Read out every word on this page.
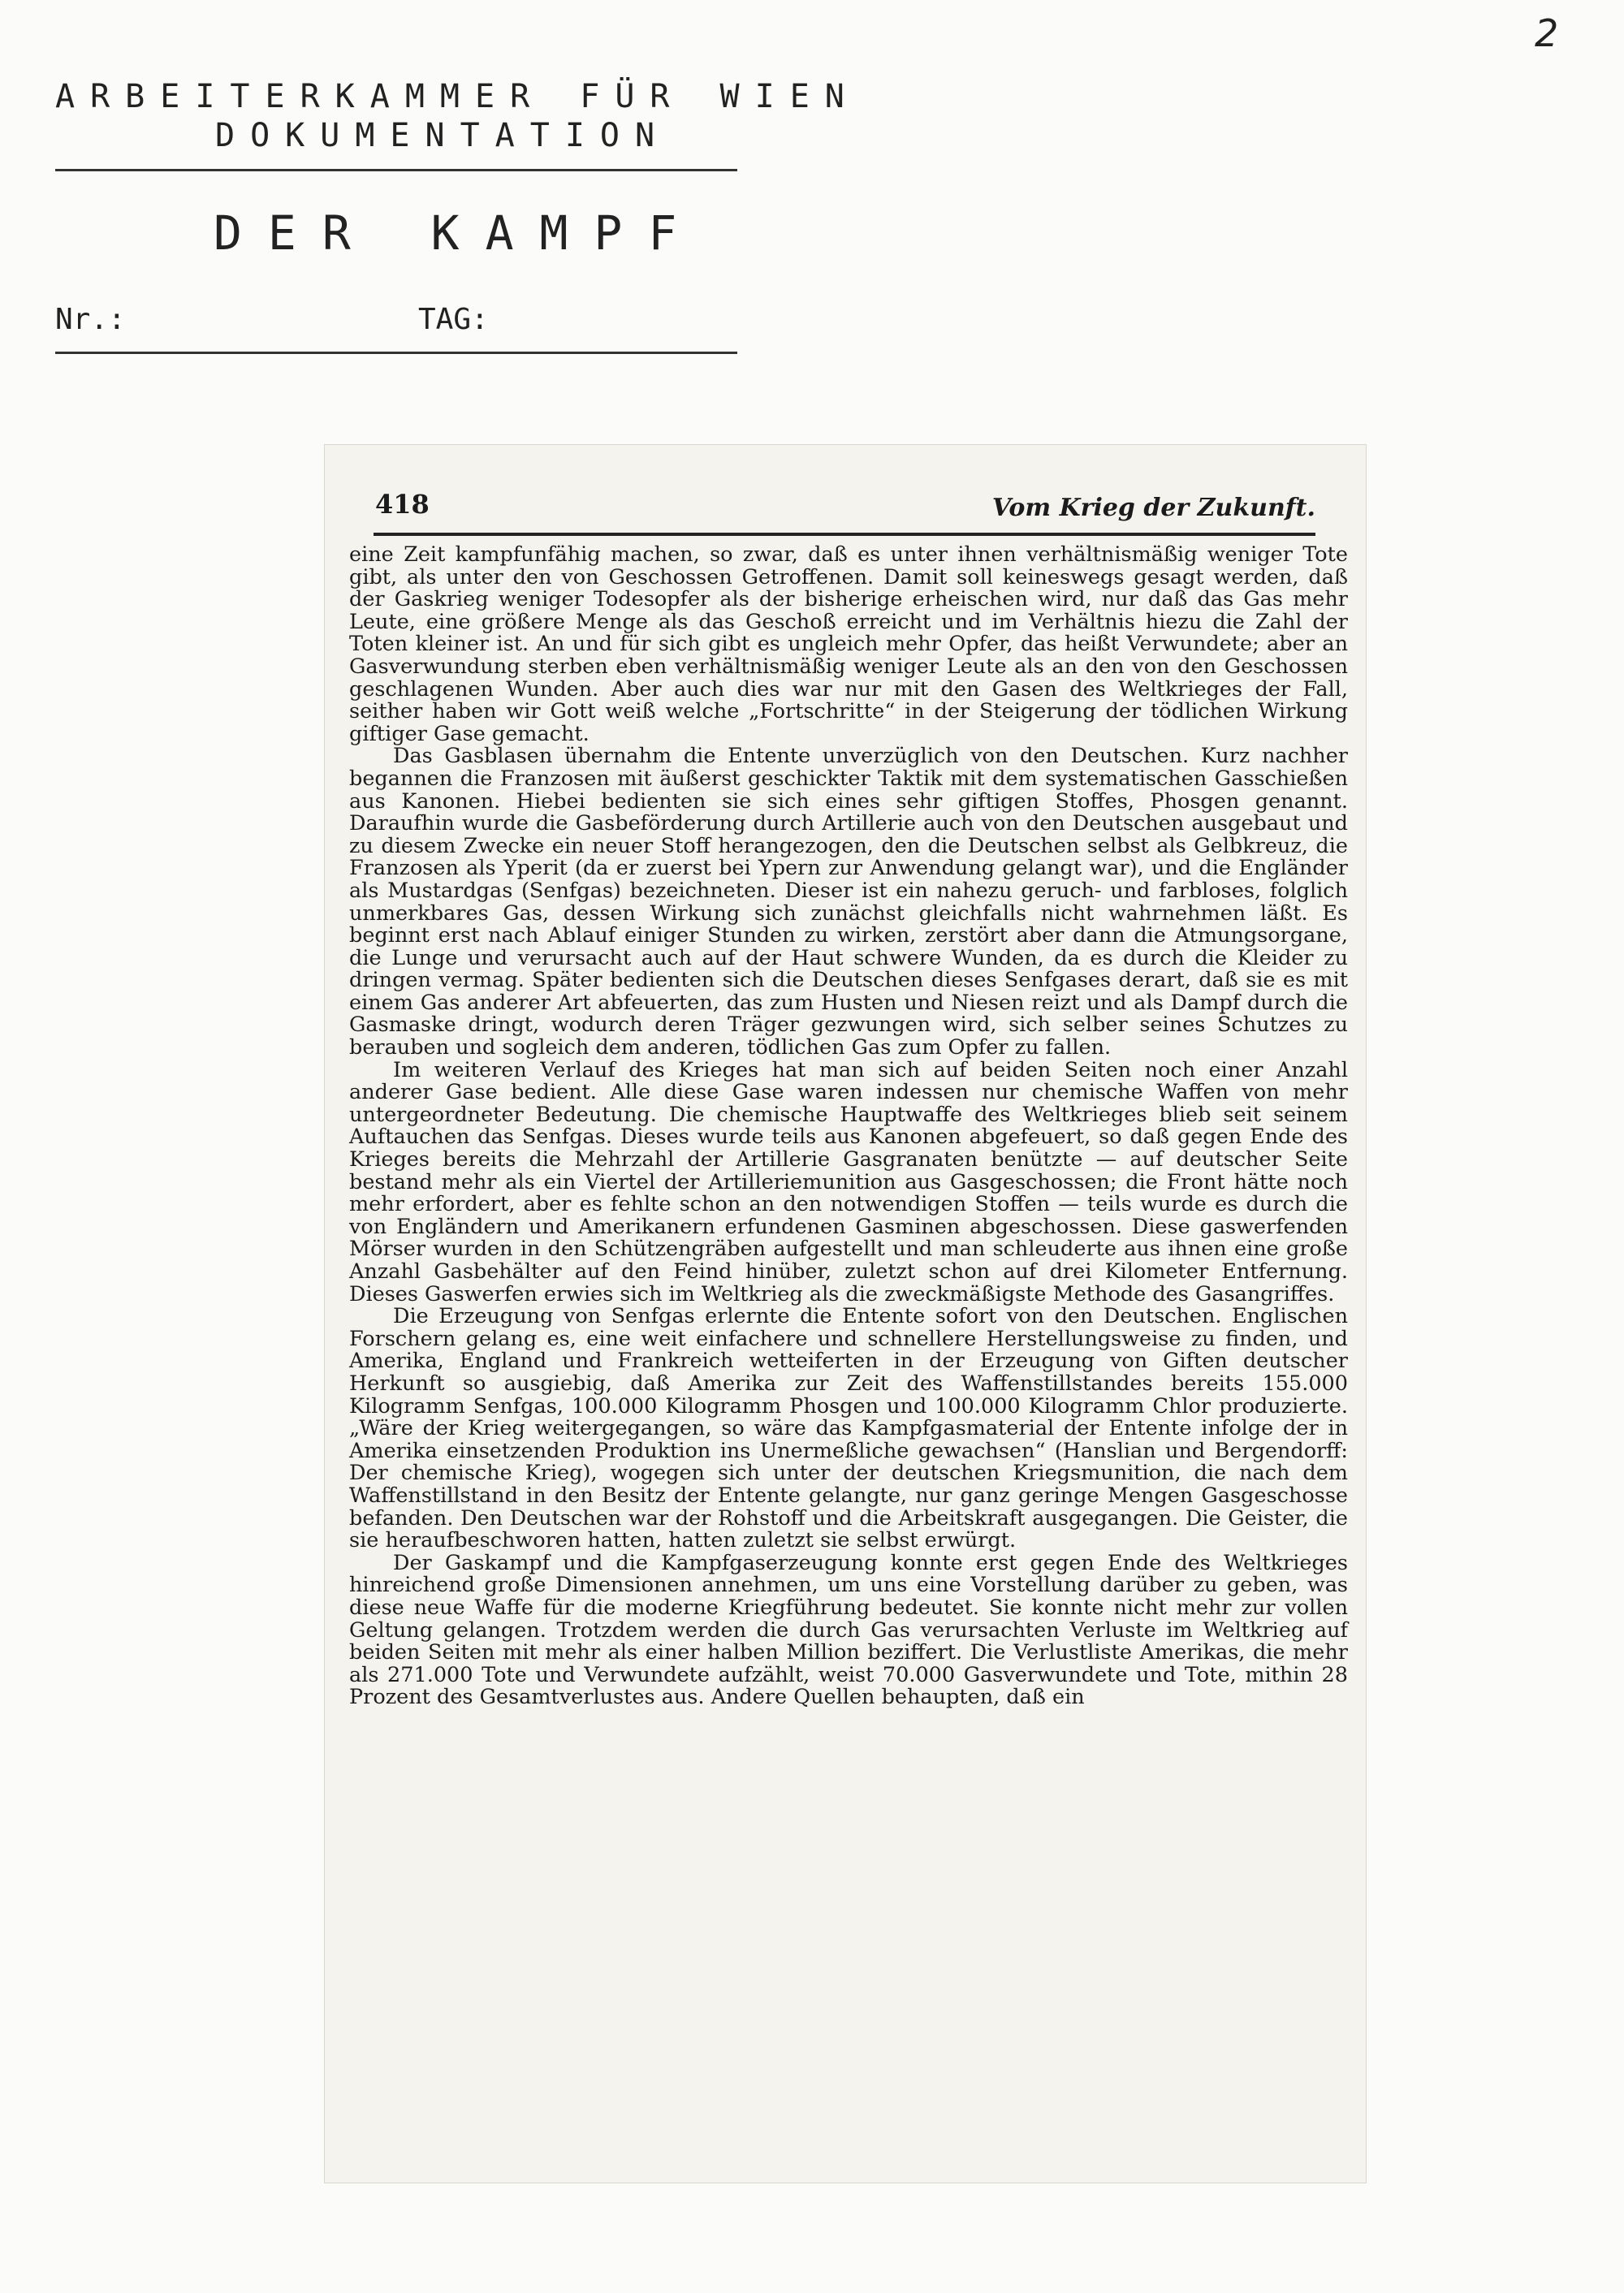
2
ARBEITERKAMMER FÜR WIEN
DOKUMENTATION
DER KAMPF
Nr.:	TAG:
418	Vom Krieg der Zukunft.

eine Zeit kampfunfähig machen, so zwar, daß es unter ihnen verhältnismäßig weniger Tote gibt, als unter den von Geschossen Getroffenen. Damit soll keineswegs gesagt werden, daß der Gaskrieg weniger Todesopfer als der bisherige erheischen wird, nur daß das Gas mehr Leute, eine größere Menge als das Geschoß erreicht und im Verhältnis hiezu die Zahl der Toten kleiner ist. An und für sich gibt es ungleich mehr Opfer, das heißt Verwundete; aber an Gasverwundung sterben eben verhältnismäßig weniger Leute als an den von den Geschossen geschlagenen Wunden. Aber auch dies war nur mit den Gasen des Weltkrieges der Fall, seither haben wir Gott weiß welche „Fortschritte“ in der Steigerung der tödlichen Wirkung giftiger Gase gemacht.

Das Gasblasen übernahm die Entente unverzüglich von den Deutschen. Kurz nachher begannen die Franzosen mit äußerst geschickter Taktik mit dem systematischen Gasschießen aus Kanonen. Hiebei bedienten sie sich eines sehr giftigen Stoffes, Phosgen genannt. Daraufhin wurde die Gasbeförderung durch Artillerie auch von den Deutschen ausgebaut und zu diesem Zwecke ein neuer Stoff herangezogen, den die Deutschen selbst als Gelbkreuz, die Franzosen als Yperit (da er zuerst bei Ypern zur Anwendung gelangt war), und die Engländer als Mustardgas (Senfgas) bezeichneten. Dieser ist ein nahezu geruch- und farbloses, folglich unmerkbares Gas, dessen Wirkung sich zunächst gleichfalls nicht wahrnehmen läßt. Es beginnt erst nach Ablauf einiger Stunden zu wirken, zerstört aber dann die Atmungsorgane, die Lunge und verursacht auch auf der Haut schwere Wunden, da es durch die Kleider zu dringen vermag. Später bedienten sich die Deutschen dieses Senfgases derart, daß sie es mit einem Gas anderer Art abfeuerten, das zum Husten und Niesen reizt und als Dampf durch die Gasmaske dringt, wodurch deren Träger gezwungen wird, sich selber seines Schutzes zu berauben und sogleich dem anderen, tödlichen Gas zum Opfer zu fallen.

Im weiteren Verlauf des Krieges hat man sich auf beiden Seiten noch einer Anzahl anderer Gase bedient. Alle diese Gase waren indessen nur chemische Waffen von mehr untergeordneter Bedeutung. Die chemische Hauptwaffe des Weltkrieges blieb seit seinem Auftauchen das Senfgas. Dieses wurde teils aus Kanonen abgefeuert, so daß gegen Ende des Krieges bereits die Mehrzahl der Artillerie Gasgranaten benützte — auf deutscher Seite bestand mehr als ein Viertel der Artilleriemunition aus Gasgeschossen; die Front hätte noch mehr erfordert, aber es fehlte schon an den notwendigen Stoffen — teils wurde es durch die von Engländern und Amerikanern erfundenen Gasminen abgeschossen. Diese gaswerfenden Mörser wurden in den Schützengräben aufgestellt und man schleuderte aus ihnen eine große Anzahl Gasbehälter auf den Feind hinüber, zuletzt schon auf drei Kilometer Entfernung. Dieses Gaswerfen erwies sich im Weltkrieg als die zweckmäßigste Methode des Gasangriffes.

Die Erzeugung von Senfgas erlernte die Entente sofort von den Deutschen. Englischen Forschern gelang es, eine weit einfachere und schnellere Herstellungsweise zu finden, und Amerika, England und Frankreich wetteiferten in der Erzeugung von Giften deutscher Herkunft so ausgiebig, daß Amerika zur Zeit des Waffenstillstandes bereits 155.000 Kilogramm Senfgas, 100.000 Kilogramm Phosgen und 100.000 Kilogramm Chlor produzierte. „Wäre der Krieg weitergegangen, so wäre das Kampfgasmaterial der Entente infolge der in Amerika einsetzenden Produktion ins Unermeßliche gewachsen“ (Hanslian und Bergendorff: Der chemische Krieg), wogegen sich unter der deutschen Kriegsmunition, die nach dem Waffenstillstand in den Besitz der Entente gelangte, nur ganz geringe Mengen Gasgeschosse befanden. Den Deutschen war der Rohstoff und die Arbeitskraft ausgegangen. Die Geister, die sie heraufbeschworen hatten, hatten zuletzt sie selbst erwürgt.

Der Gaskampf und die Kampfgaserzeugung konnte erst gegen Ende des Weltkrieges hinreichend große Dimensionen annehmen, um uns eine Vorstellung darüber zu geben, was diese neue Waffe für die moderne Kriegführung bedeutet. Sie konnte nicht mehr zur vollen Geltung gelangen. Trotzdem werden die durch Gas verursachten Verluste im Weltkrieg auf beiden Seiten mit mehr als einer halben Million beziffert. Die Verlustliste Amerikas, die mehr als 271.000 Tote und Verwundete aufzählt, weist 70.000 Gasverwundete und Tote, mithin 28 Prozent des Gesamtverlustes aus. Andere Quellen behaupten, daß ein
